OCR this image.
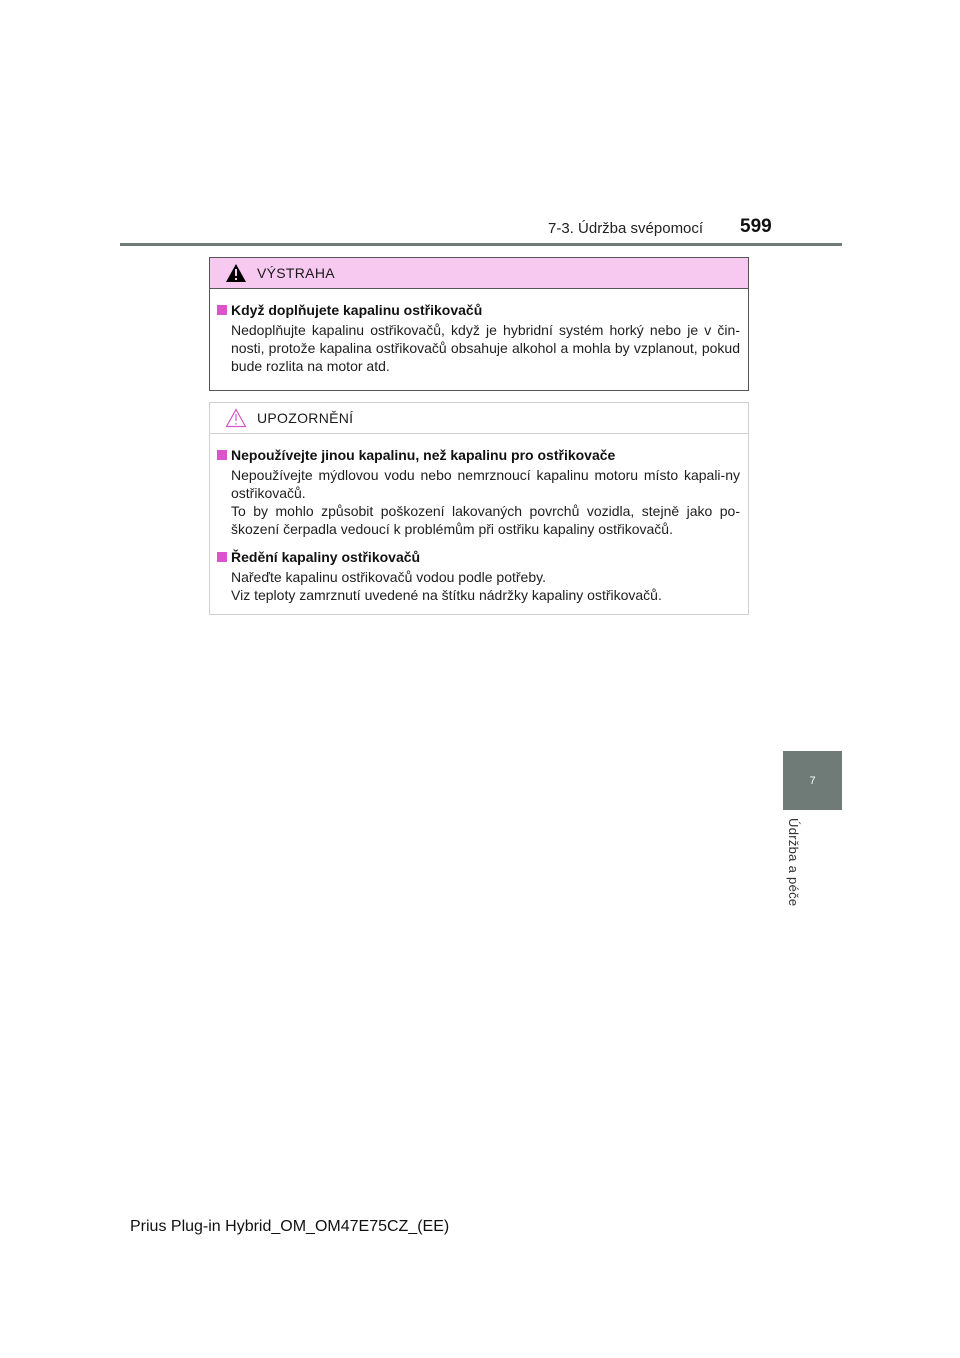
7-3. Údržba svépomocí 599
7
Údržba a péče
VÝSTRAHA
Když doplňujete kapalinu ostřikovačů
Nedoplňujte kapalinu ostřikovačů, když je hybridní systém horký nebo je v čin-nosti, protože kapalina ostřikovačů obsahuje alkohol a mohla by vzplanout, pokud bude rozlita na motor atd.
UPOZORNĚNÍ
Nepoužívejte jinou kapalinu, než kapalinu pro ostřikovače

Nepoužívejte mýdlovou vodu nebo nemrznoucí kapalinu motoru místo kapali-ny ostřikovačů.

To by mohlo způsobit poškození lakovaných povrchů vozidla, stejně jako po-škození čerpadla vedoucí k problémům při ostřiku kapaliny ostřikovačů.

Ředění kapaliny ostřikovačů

Nařeďte kapalinu ostřikovačů vodou podle potřeby.

Viz teploty zamrznutí uvedené na štítku nádržky kapaliny ostřikovačů.

Prius Plug-in Hybrid_OM_OM47E75CZ_(EE)
